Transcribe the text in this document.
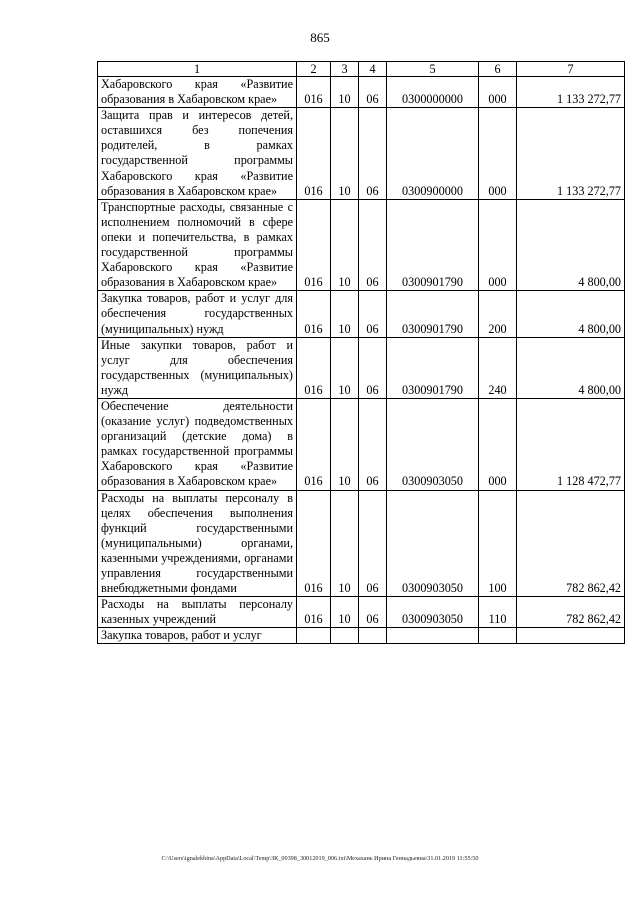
865
1	2	3	4	5	6	7
Хабаровского края «Развитие образования в Хабаровском крае»	016	10	06	0300000000	000	1 133 272,77
Защита прав и интересов детей, оставшихся без попечения родителей, в рамках государственной программы Хабаровского края «Развитие образования в Хабаровском крае»	016	10	06	0300900000	000	1 133 272,77
Транспортные расходы, связанные с исполнением полномочий в сфере опеки и попечительства, в рамках государственной программы Хабаровского края «Развитие образования в Хабаровском крае»	016	10	06	0300901790	000	4 800,00
Закупка товаров, работ и услуг для обеспечения государственных (муниципальных) нужд	016	10	06	0300901790	200	4 800,00
Иные закупки товаров, работ и услуг для обеспечения государственных (муниципальных) нужд	016	10	06	0300901790	240	4 800,00
Обеспечение деятельности (оказание услуг) подведомственных организаций (детские дома) в рамках государственной программы Хабаровского края «Развитие образования в Хабаровском крае»	016	10	06	0300903050	000	1 128 472,77
Расходы на выплаты персоналу в целях обеспечения выполнения функций государственными (муниципальными) органами, казенными учреждениями, органами управления государственными внебюджетными фондами	016	10	06	0300903050	100	782 862,42
Расходы на выплаты персоналу казенных учреждений	016	10	06	0300903050	110	782 862,42
Закупка товаров, работ и услуг						
C:\Users\ignalekhina\AppData\Local\Temp\ЗК_00398_30012019_006.txt\Мехахань Ирина Геннадьевна\31.01.2019 11:55:50
